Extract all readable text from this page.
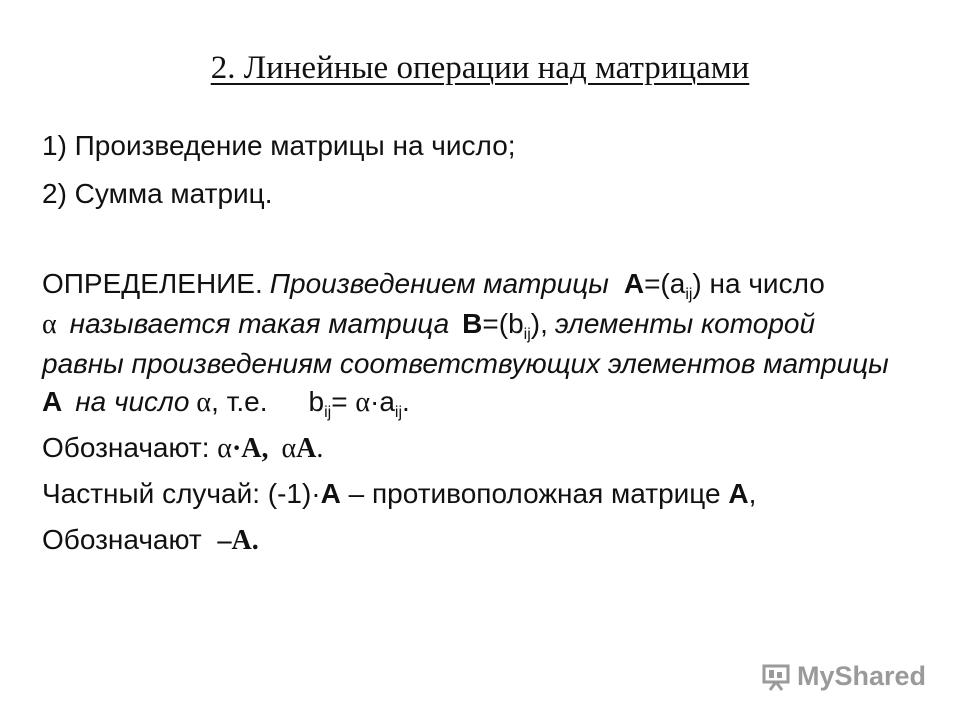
2. Линейные операции над матрицами
1) Произведение матрицы на число;
2) Сумма матриц.
ОПРЕДЕЛЕНИЕ. Произведением матрицы $A=(a_{ij})$ на число
α называется такая матрица $B=(b_{ij})$, элементы которой
равны произведениям соответствующих элементов матрицы
A на число α, т.е. $b_{ij}= \alpha\cdot a_{ij}$.
Обозначают: α·A, αA.
Частный случай: (-1)·A – противоположная матрице A,
Обозначают –A.
MyShared
